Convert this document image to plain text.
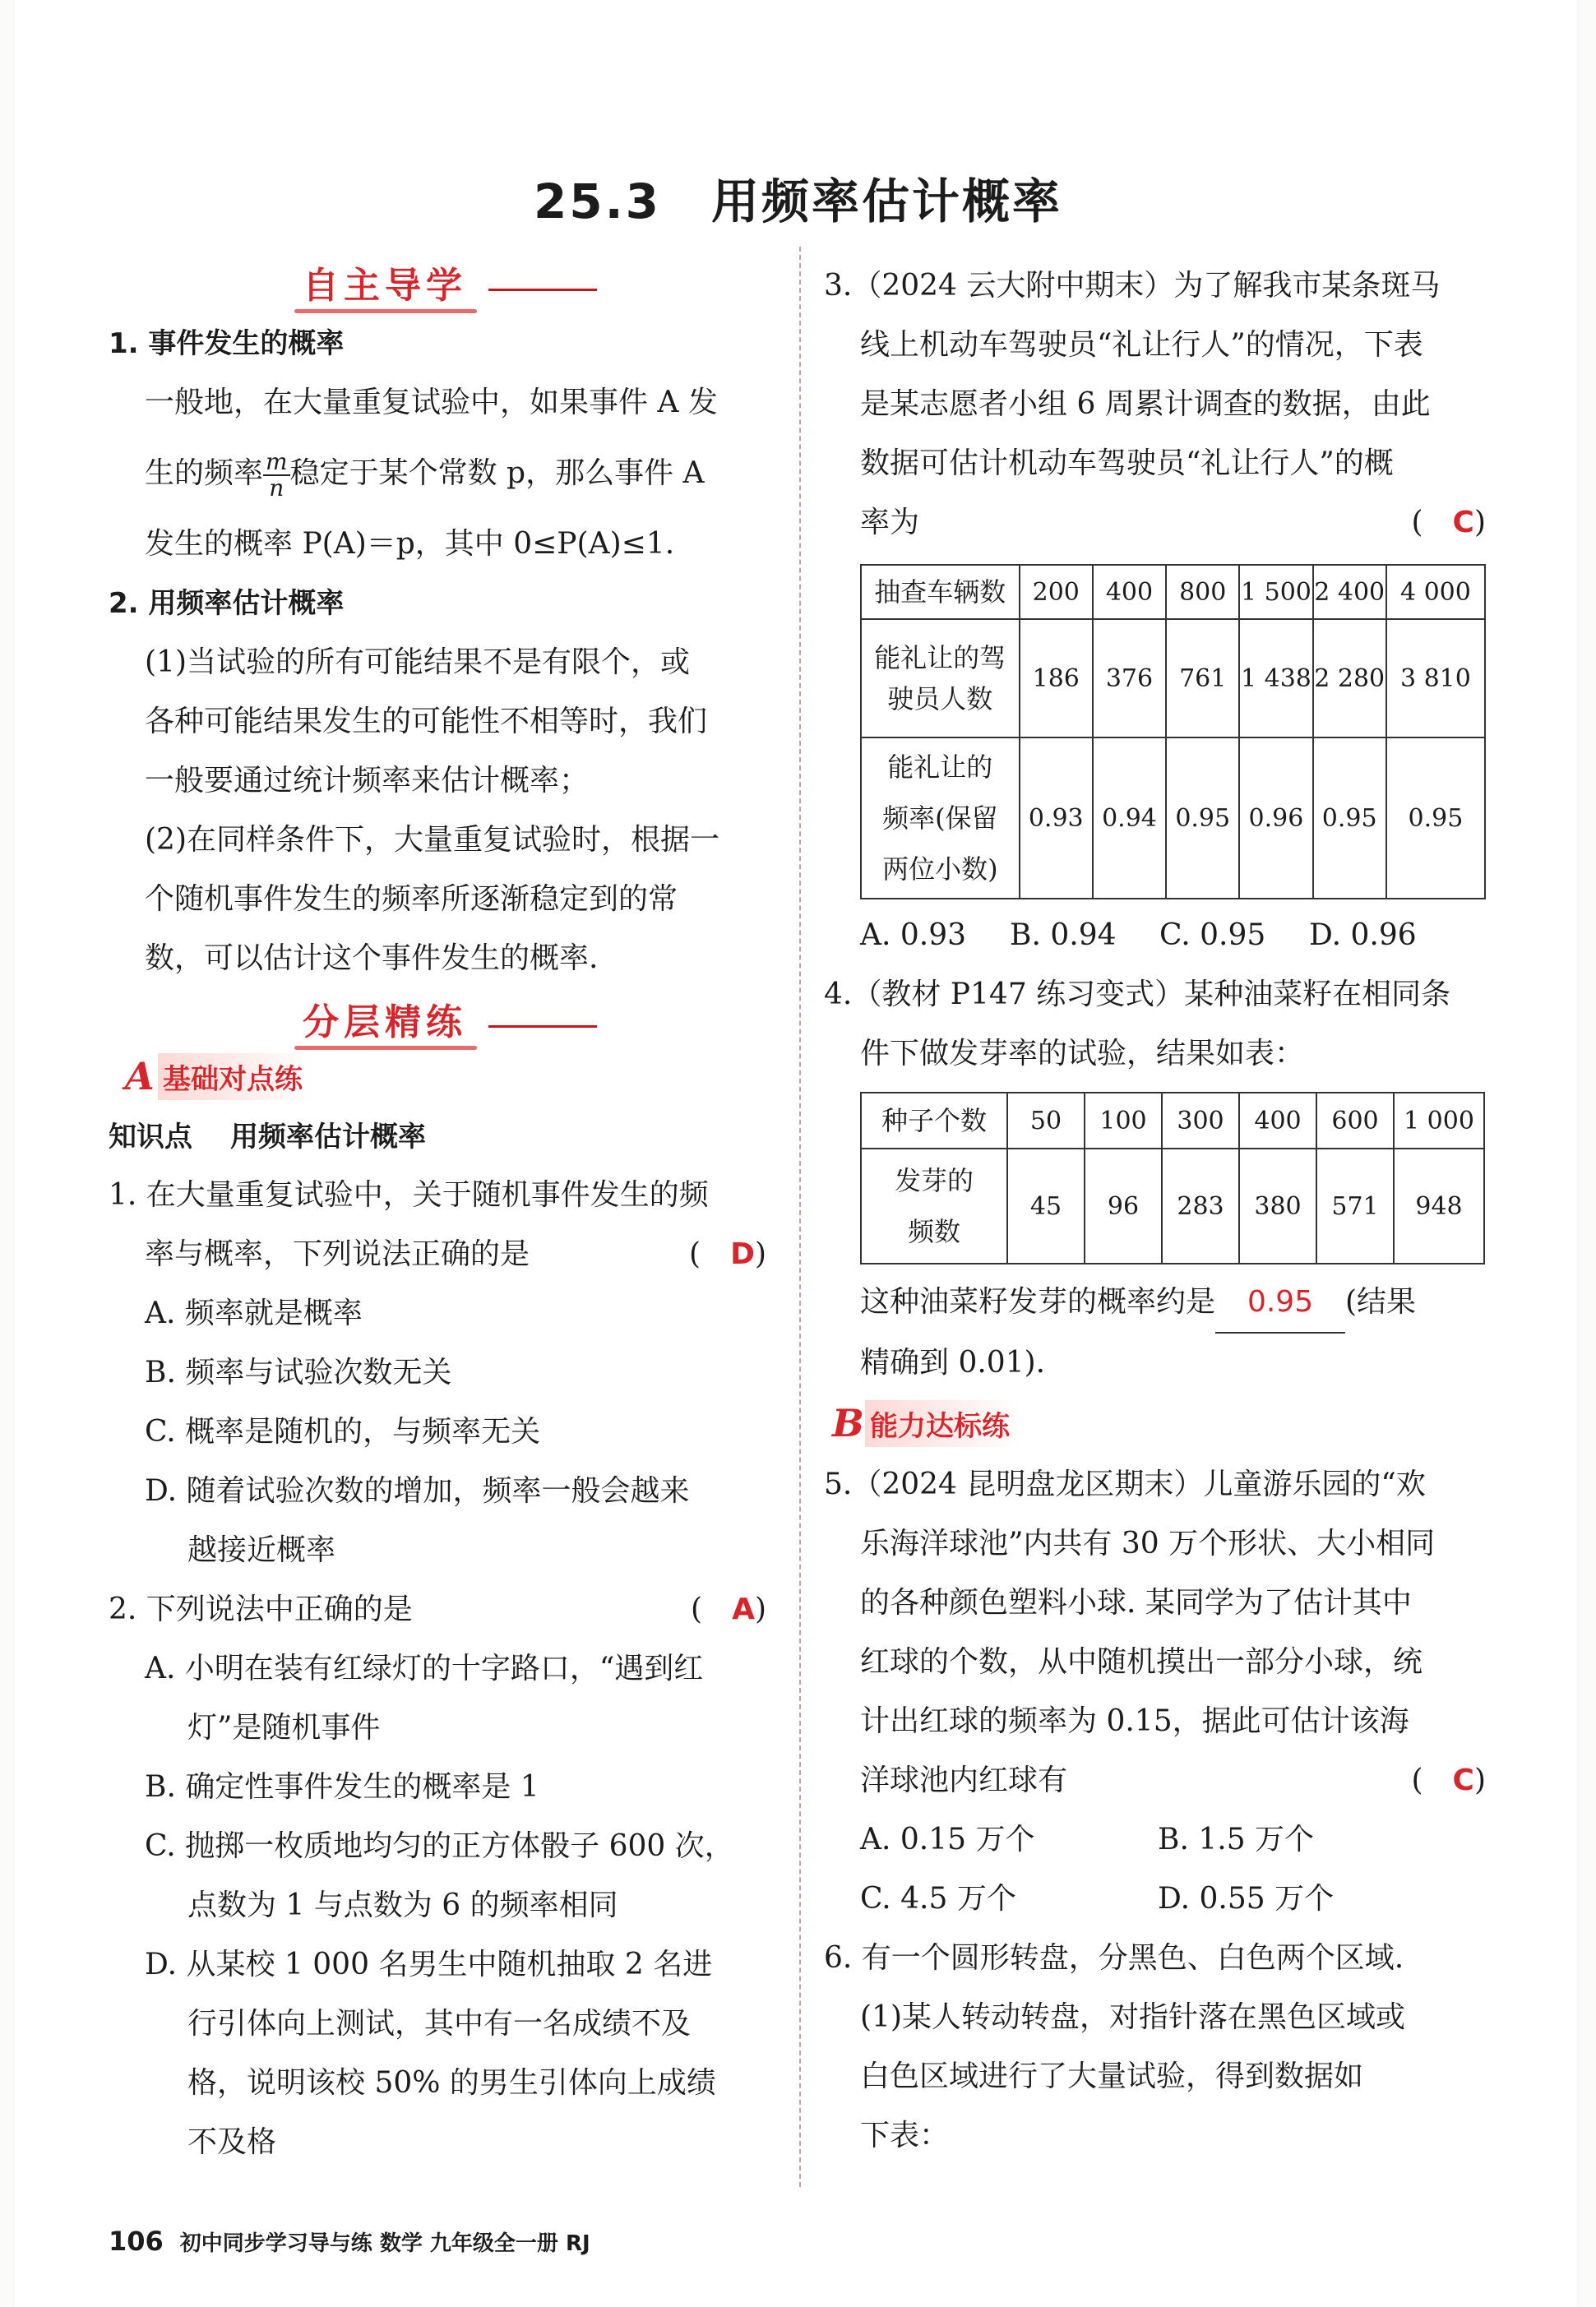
25.3　用频率估计概率
自主导学
1. 事件发生的概率
一般地，在大量重复试验中，如果事件 A 发
生的频率 $\frac{m}{n}$ 稳定于某个常数 p，那么事件 A
发生的概率 P(A)＝p，其中 0≤P(A)≤1.
2. 用频率估计概率
(1)当试验的所有可能结果不是有限个，或
各种可能结果发生的可能性不相等时，我们
一般要通过统计频率来估计概率；
(2)在同样条件下，大量重复试验时，根据一
个随机事件发生的频率所逐渐稳定到的常
数，可以估计这个事件发生的概率.
分层精练
A 基础对点练
知识点 用频率估计概率
1. 在大量重复试验中，关于随机事件发生的频
率与概率，下列说法正确的是	(　D)
A. 频率就是概率
B. 频率与试验次数无关
C. 概率是随机的，与频率无关
D. 随着试验次数的增加，频率一般会越来
越接近概率
2. 下列说法中正确的是	(　A)
A. 小明在装有红绿灯的十字路口，“遇到红
灯”是随机事件
B. 确定性事件发生的概率是 1
C. 抛掷一枚质地均匀的正方体骰子 600 次，
点数为 1 与点数为 6 的频率相同
D. 从某校 1 000 名男生中随机抽取 2 名进
行引体向上测试，其中有一名成绩不及
格，说明该校 50% 的男生引体向上成绩
不及格
3.（2024 云大附中期末）为了解我市某条斑马
线上机动车驾驶员“礼让行人”的情况，下表
是某志愿者小组 6 周累计调查的数据，由此
数据可估计机动车驾驶员“礼让行人”的概
率为	(　C)
抽查车辆数	200	400	800	1 500	2 400	4 000

能礼让的驾
驶员人数	186	376	761	1 438	2 280	3 810

能礼让的
频率(保留
两位小数)	0.93	0.94	0.95	0.96	0.95	0.95
A. 0.93	B. 0.94	C. 0.95	D. 0.96
4.（教材 P147 练习变式）某种油菜籽在相同条
件下做发芽率的试验，结果如表：
种子个数	50	100	300	400	600	1 000

发芽的
频数	45	96	283	380	571	948
这种油菜籽发芽的概率约是 0.95 (结果
精确到 0.01).
B 能力达标练
5.（2024 昆明盘龙区期末）儿童游乐园的“欢
乐海洋球池”内共有 30 万个形状、大小相同
的各种颜色塑料小球. 某同学为了估计其中
红球的个数，从中随机摸出一部分小球，统
计出红球的频率为 0.15，据此可估计该海
洋球池内红球有	(　C)
A. 0.15 万个	B. 1.5 万个
C. 4.5 万个	D. 0.55 万个
6. 有一个圆形转盘，分黑色、白色两个区域.
(1)某人转动转盘，对指针落在黑色区域或
白色区域进行了大量试验，得到数据如
下表：
106 初中同步学习导与练 数学 九年级全一册 RJ
